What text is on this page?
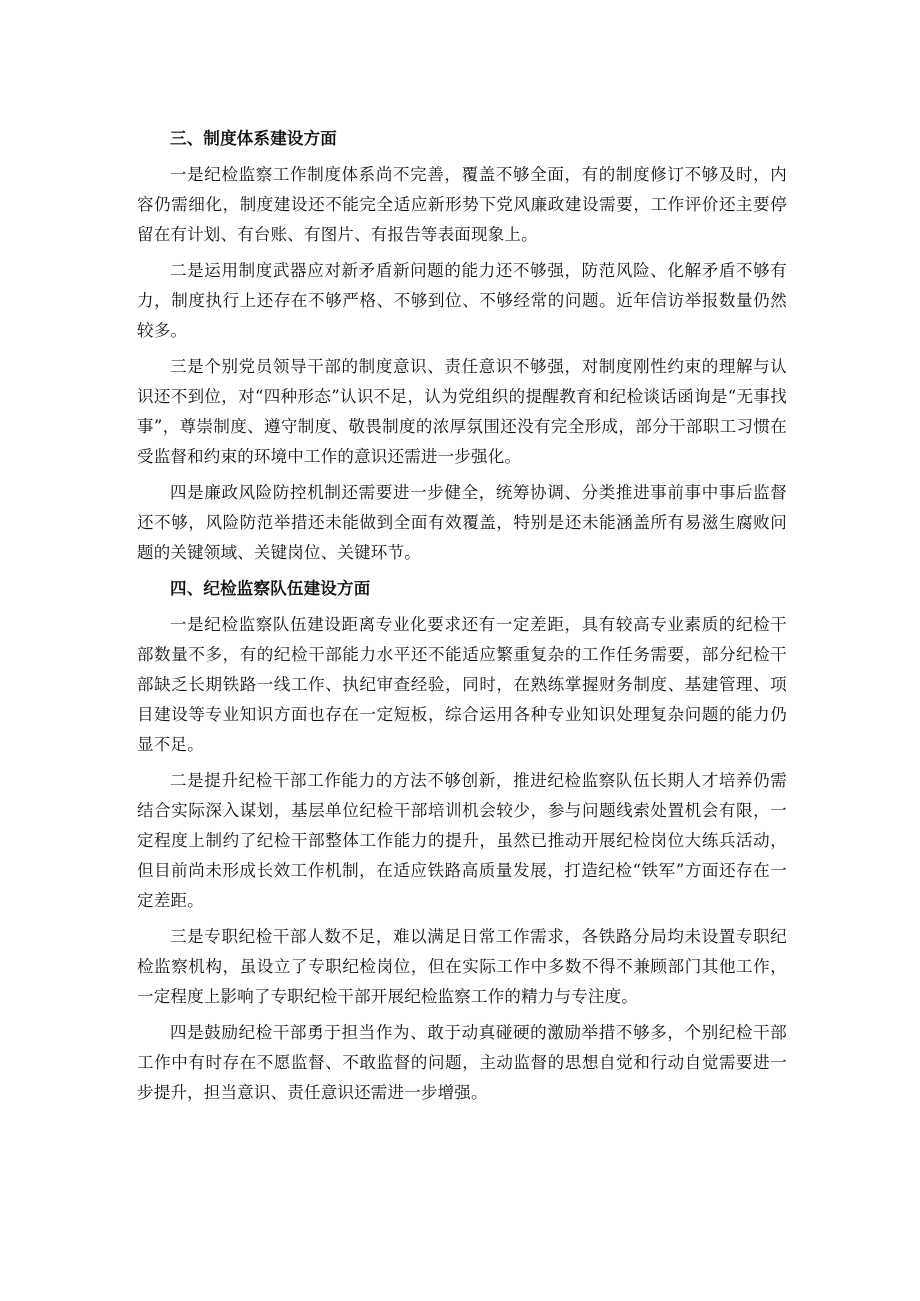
三、制度体系建设方面

一是纪检监察工作制度体系尚不完善，覆盖不够全面，有的制度修订不够及时，内容仍需细化，制度建设还不能完全适应新形势下党风廉政建设需要，工作评价还主要停留在有计划、有台账、有图片、有报告等表面现象上。

二是运用制度武器应对新矛盾新问题的能力还不够强，防范风险、化解矛盾不够有力，制度执行上还存在不够严格、不够到位、不够经常的问题。近年信访举报数量仍然较多。

三是个别党员领导干部的制度意识、责任意识不够强，对制度刚性约束的理解与认识还不到位，对“四种形态”认识不足，认为党组织的提醒教育和纪检谈话函询是“无事找事”，尊崇制度、遵守制度、敬畏制度的浓厚氛围还没有完全形成，部分干部职工习惯在受监督和约束的环境中工作的意识还需进一步强化。

四是廉政风险防控机制还需要进一步健全，统筹协调、分类推进事前事中事后监督还不够，风险防范举措还未能做到全面有效覆盖，特别是还未能涵盖所有易滋生腐败问题的关键领域、关键岗位、关键环节。

四、纪检监察队伍建设方面

一是纪检监察队伍建设距离专业化要求还有一定差距，具有较高专业素质的纪检干部数量不多，有的纪检干部能力水平还不能适应繁重复杂的工作任务需要，部分纪检干部缺乏长期铁路一线工作、执纪审查经验，同时，在熟练掌握财务制度、基建管理、项目建设等专业知识方面也存在一定短板，综合运用各种专业知识处理复杂问题的能力仍显不足。

二是提升纪检干部工作能力的方法不够创新，推进纪检监察队伍长期人才培养仍需结合实际深入谋划，基层单位纪检干部培训机会较少，参与问题线索处置机会有限，一定程度上制约了纪检干部整体工作能力的提升，虽然已推动开展纪检岗位大练兵活动，但目前尚未形成长效工作机制，在适应铁路高质量发展，打造纪检“铁军”方面还存在一定差距。

三是专职纪检干部人数不足，难以满足日常工作需求，各铁路分局均未设置专职纪检监察机构，虽设立了专职纪检岗位，但在实际工作中多数不得不兼顾部门其他工作，一定程度上影响了专职纪检干部开展纪检监察工作的精力与专注度。

四是鼓励纪检干部勇于担当作为、敢于动真碰硬的激励举措不够多，个别纪检干部工作中有时存在不愿监督、不敢监督的问题，主动监督的思想自觉和行动自觉需要进一步提升，担当意识、责任意识还需进一步增强。
